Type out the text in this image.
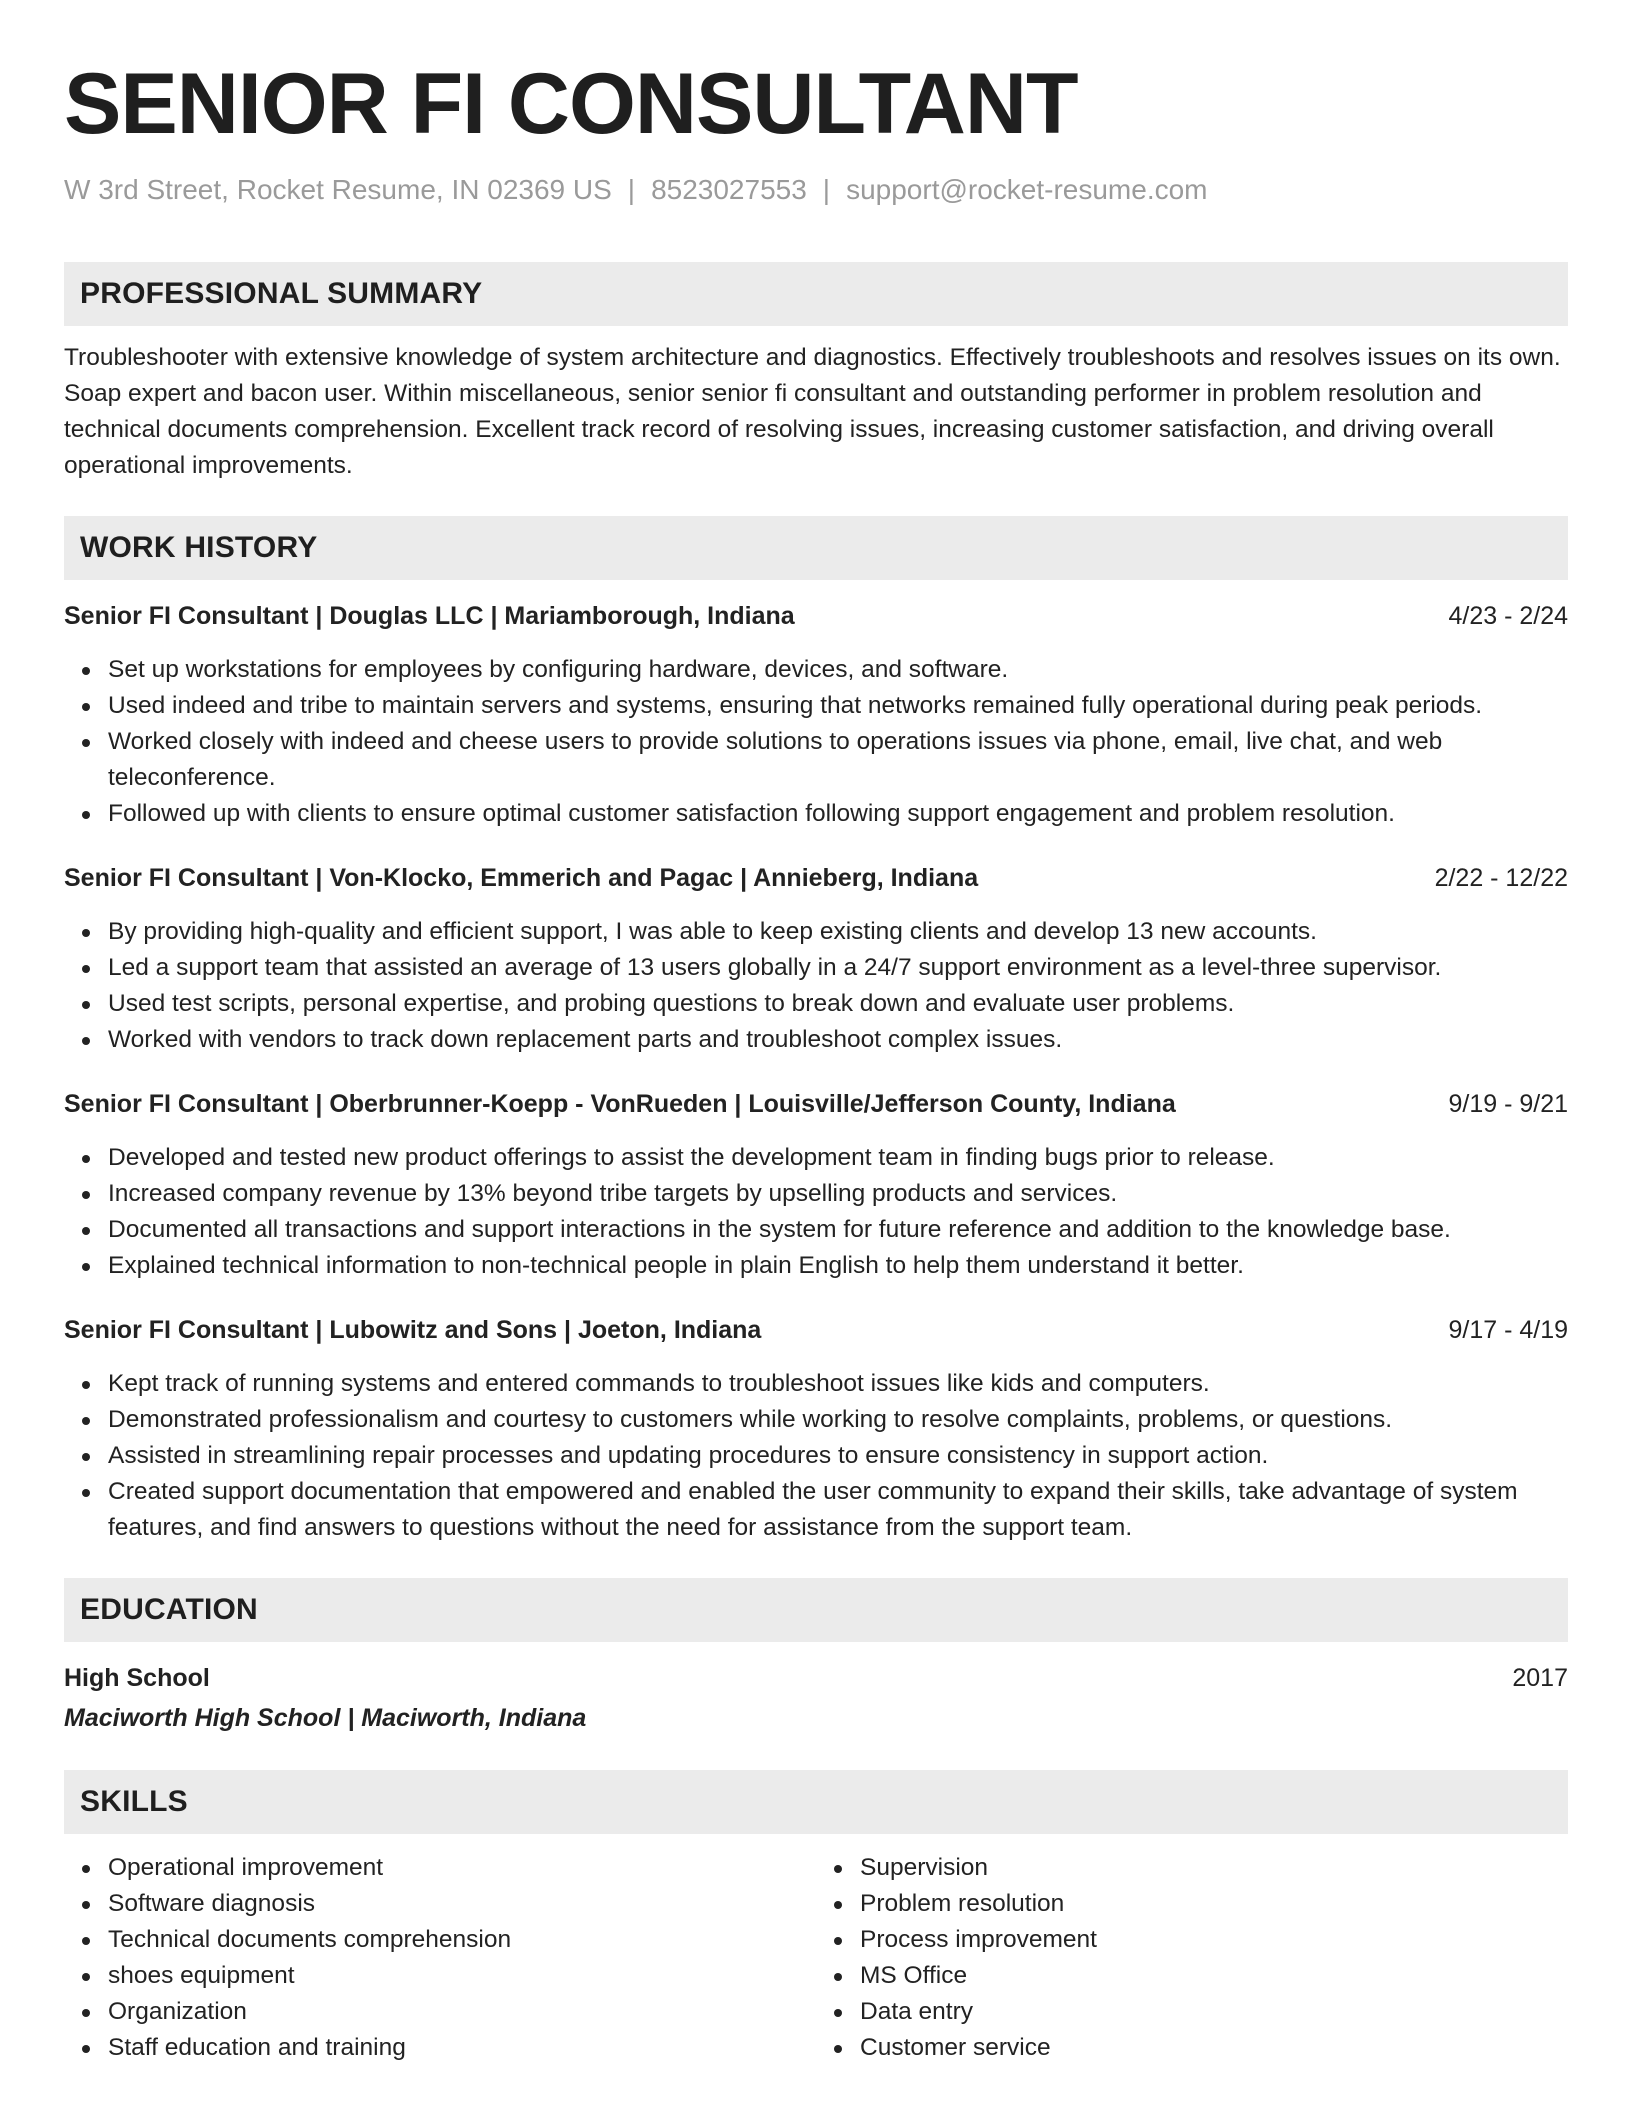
SENIOR FI CONSULTANT
W 3rd Street, Rocket Resume, IN 02369 US | 8523027553 | support@rocket-resume.com
PROFESSIONAL SUMMARY

Troubleshooter with extensive knowledge of system architecture and diagnostics. Effectively troubleshoots and resolves issues on its own. Soap expert and bacon user. Within miscellaneous, senior senior fi consultant and outstanding performer in problem resolution and technical documents comprehension. Excellent track record of resolving issues, increasing customer satisfaction, and driving overall operational improvements.

WORK HISTORY
Senior FI Consultant | Douglas LLC | Mariamborough, Indiana	4/23 - 2/24
Set up workstations for employees by configuring hardware, devices, and software.
Used indeed and tribe to maintain servers and systems, ensuring that networks remained fully operational during peak periods.
Worked closely with indeed and cheese users to provide solutions to operations issues via phone, email, live chat, and web teleconference.
Followed up with clients to ensure optimal customer satisfaction following support engagement and problem resolution.
Senior FI Consultant | Von-Klocko, Emmerich and Pagac | Annieberg, Indiana	2/22 - 12/22
By providing high-quality and efficient support, I was able to keep existing clients and develop 13 new accounts.
Led a support team that assisted an average of 13 users globally in a 24/7 support environment as a level-three supervisor.
Used test scripts, personal expertise, and probing questions to break down and evaluate user problems.
Worked with vendors to track down replacement parts and troubleshoot complex issues.
Senior FI Consultant | Oberbrunner-Koepp - VonRueden | Louisville/Jefferson County, Indiana	9/19 - 9/21
Developed and tested new product offerings to assist the development team in finding bugs prior to release.
Increased company revenue by 13% beyond tribe targets by upselling products and services.
Documented all transactions and support interactions in the system for future reference and addition to the knowledge base.
Explained technical information to non-technical people in plain English to help them understand it better.
Senior FI Consultant | Lubowitz and Sons | Joeton, Indiana	9/17 - 4/19
Kept track of running systems and entered commands to troubleshoot issues like kids and computers.
Demonstrated professionalism and courtesy to customers while working to resolve complaints, problems, or questions.
Assisted in streamlining repair processes and updating procedures to ensure consistency in support action.
Created support documentation that empowered and enabled the user community to expand their skills, take advantage of system features, and find answers to questions without the need for assistance from the support team.
EDUCATION
High School	2017
Maciworth High School | Maciworth, Indiana
SKILLS
Operational improvement
Software diagnosis
Technical documents comprehension
shoes equipment
Organization
Staff education and training
Supervision
Problem resolution
Process improvement
MS Office
Data entry
Customer service
